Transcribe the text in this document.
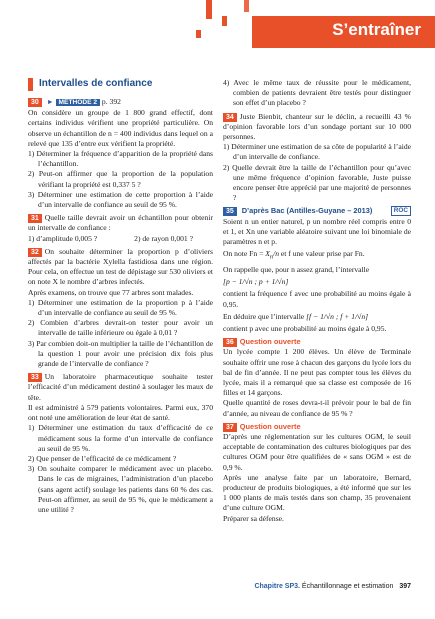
S’entraîner
Intervalles de confiance

30 ► MÉTHODE 2 p. 392

On considère un groupe de 1 800 grand effectif, dont certains individus vérifient une propriété particulière. On observe un échantillon de n = 400 individus dans lequel on a relevé que 135 d’entre eux vérifient la propriété.

1) Déterminer la fréquence d’apparition de la propriété dans l’échantillon.

2) Peut-on affirmer que la proportion de la population vérifiant la propriété est 0,337 5 ?

3) Déterminer une estimation de cette proportion à l’aide d’un intervalle de confiance au seuil de 95 %.

31 Quelle taille devrait avoir un échantillon pour obtenir un intervalle de confiance :

1) d’amplitude 0,005 ?	2) de rayon 0,001 ?

32 On souhaite déterminer la proportion p d’oliviers affectés par la bactérie Xylella fastidiosa dans une région. Pour cela, on effectue un test de dépistage sur 530 oliviers et on note X le nombre d’arbres infectés.

Après examens, on trouve que 77 arbres sont malades.

1) Déterminer une estimation de la proportion p à l’aide d’un intervalle de confiance au seuil de 95 %.

2) Combien d’arbres devrait-on tester pour avoir un intervalle de taille inférieure ou égale à 0,01 ?

3) Par combien doit-on multiplier la taille de l’échantillon de la question 1 pour avoir une précision dix fois plus grande de l’intervalle de confiance ?

33 Un laboratoire pharmaceutique souhaite tester l’efficacité d’un médicament destiné à soulager les maux de tête.

Il est administré à 579 patients volontaires. Parmi eux, 370 ont noté une amélioration de leur état de santé.

1) Déterminer une estimation du taux d’efficacité de ce médicament sous la forme d’un intervalle de confiance au seuil de 95 %.

2) Que penser de l’efficacité de ce médicament ?

3) On souhaite comparer le médicament avec un placebo. Dans le cas de migraines, l’administration d’un placebo (sans agent actif) soulage les patients dans 60 % des cas. Peut-on affirmer, au seuil de 95 %, que le médicament a une utilité ?

4) Avec le même taux de réussite pour le médicament, combien de patients devraient être testés pour distinguer son effet d’un placebo ?

34 Juste Bienbit, chanteur sur le déclin, a recueilli 43 % d’opinion favorable lors d’un sondage portant sur 10 000 personnes.

1) Déterminer une estimation de sa côte de popularité à l’aide d’un intervalle de confiance.

2) Quelle devrait être la taille de l’échantillon pour qu’avec une même fréquence d’opinion favorable, Juste puisse encore penser être apprécié par une majorité de personnes ?

35 D’après Bac (Antilles-Guyane – 2013)	ROC

Soient n un entier naturel, p un nombre réel compris entre 0 et 1, et Xn une variable aléatoire suivant une loi binomiale de paramètres n et p.

On note $Fn = X_n/n$ et f une valeur prise par Fn.

On rappelle que, pour n assez grand, l’intervalle

[p − 1/√n ; p + 1/√n]

contient la fréquence f avec une probabilité au moins égale à 0,95.

En déduire que l’intervalle [f − 1/√n ; f + 1/√n]

contient p avec une probabilité au moins égale à 0,95.

36 Question ouverte

Un lycée compte 1 200 élèves. Un élève de Terminale souhaite offrir une rose à chacun des garçons du lycée lors du bal de fin d’année. Il ne peut pas compter tous les élèves du lycée, mais il a remarqué que sa classe est composée de 16 filles et 14 garçons.

Quelle quantité de roses devra-t-il prévoir pour le bal de fin d’année, au niveau de confiance de 95 % ?

37 Question ouverte

D’après une réglementation sur les cultures OGM, le seuil acceptable de contamination des cultures biologiques par des cultures OGM pour être qualifiées de « sans OGM » est de 0,9 %.

Après une analyse faite par un laboratoire, Bernard, producteur de produits biologiques, a été informé que sur les 1 000 plants de maïs testés dans son champ, 35 provenaient d’une culture OGM.

Préparer sa défense.

Chapitre SP3. Échantillonnage et estimation 397
